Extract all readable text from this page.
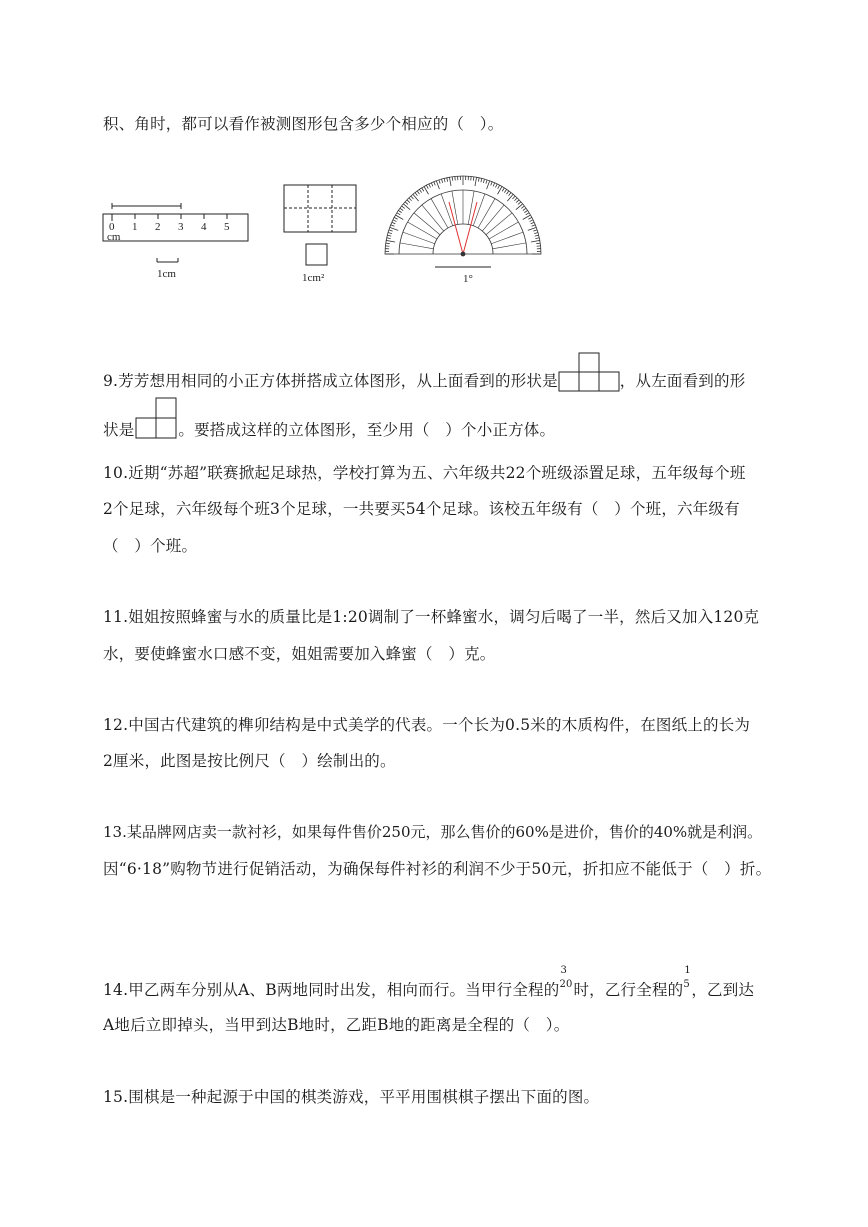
积、角时，都可以看作被测图形包含多少个相应的（　）。
0 1 2 3 4 5
cm
1cm	1cm²	1°
9.芳芳想用相同的小正方体拼搭成立体图形，从上面看到的形状是	，从左面看到的形
状是	。要搭成这样的立体图形，至少用（　）个小正方体。
10.近期“苏超”联赛掀起足球热，学校打算为五、六年级共22个班级添置足球，五年级每个班
2个足球，六年级每个班3个足球，一共要买54个足球。该校五年级有（　）个班，六年级有
（　）个班。
11.姐姐按照蜂蜜与水的质量比是1:20调制了一杯蜂蜜水，调匀后喝了一半，然后又加入120克
水，要使蜂蜜水口感不变，姐姐需要加入蜂蜜（　）克。
12.中国古代建筑的榫卯结构是中式美学的代表。一个长为0.5米的木质构件，在图纸上的长为
2厘米，此图是按比例尺（　）绘制出的。
13.某品牌网店卖一款衬衫，如果每件售价250元，那么售价的60%是进价，售价的40%就是利润。
因“6·18”购物节进行促销活动，为确保每件衬衫的利润不少于50元，折扣应不能低于（　）折。
14.甲乙两车分别从A、B两地同时出发，相向而行。当甲行全程的
3
20 时，乙行全程的
1
5 ，乙到达
A地后立即掉头，当甲到达B地时，乙距B地的距离是全程的（　）。
15.围棋是一种起源于中国的棋类游戏，平平用围棋棋子摆出下面的图。
